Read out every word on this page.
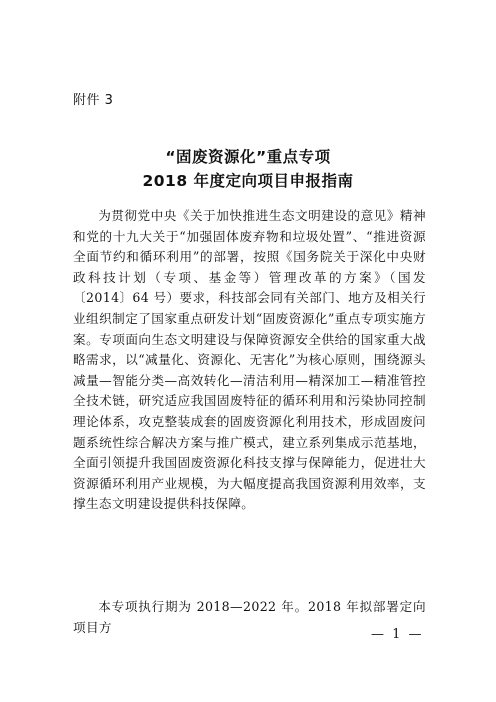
附件 3
“固废资源化”重点专项
2018 年度定向项目申报指南

为贯彻党中央《关于加快推进生态文明建设的意见》精神和党的十九大关于“加强固体废弃物和垃圾处置”、“推进资源全面节约和循环利用”的部署，按照《国务院关于深化中央财政科技计划（专项、基金等）管理改革的方案》（国发〔2014〕64 号）要求，科技部会同有关部门、地方及相关行业组织制定了国家重点研发计划“固废资源化”重点专项实施方案。专项面向生态文明建设与保障资源安全供给的国家重大战略需求，以“减量化、资源化、无害化”为核心原则，围绕源头减量—智能分类—高效转化—清洁利用—精深加工—精准管控全技术链，研究适应我国固废特征的循环利用和污染协同控制理论体系，攻克整装成套的固废资源化利用技术，形成固废问题系统性综合解决方案与推广模式，建立系列集成示范基地，全面引领提升我国固废资源化科技支撑与保障能力，促进壮大资源循环利用产业规模，为大幅度提高我国资源利用效率，支撑生态文明建设提供科技保障。

本专项执行期为 2018—2022 年。2018 年拟部署定向项目方	— 1 —
